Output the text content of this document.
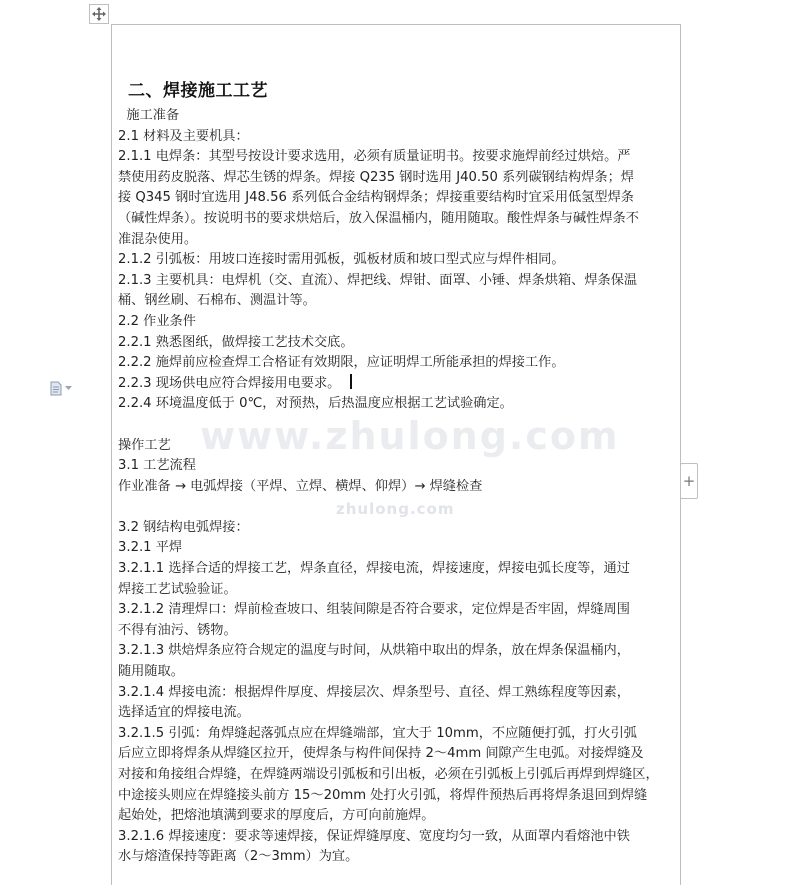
www.zhulong.com
zhulong.com
二、焊接施工工艺
施工准备
2.1 材料及主要机具：
2.1.1 电焊条：其型号按设计要求选用，必须有质量证明书。按要求施焊前经过烘焙。严
禁使用药皮脱落、焊芯生锈的焊条。焊接 Q235 钢时选用 J40.50 系列碳钢结构焊条；焊
接 Q345 钢时宜选用 J48.56 系列低合金结构钢焊条；焊接重要结构时宜采用低氢型焊条
（碱性焊条）。按说明书的要求烘焙后，放入保温桶内，随用随取。酸性焊条与碱性焊条不
准混杂使用。
2.1.2 引弧板：用坡口连接时需用弧板，弧板材质和坡口型式应与焊件相同。
2.1.3 主要机具：电焊机（交、直流）、焊把线、焊钳、面罩、小锤、焊条烘箱、焊条保温
桶、钢丝刷、石棉布、测温计等。
2.2 作业条件
2.2.1 熟悉图纸，做焊接工艺技术交底。
2.2.2 施焊前应检查焊工合格证有效期限，应证明焊工所能承担的焊接工作。
2.2.3 现场供电应符合焊接用电要求。
2.2.4 环境温度低于 0℃，对预热，后热温度应根据工艺试验确定。
操作工艺
3.1 工艺流程
作业准备 → 电弧焊接（平焊、立焊、横焊、仰焊）→ 焊缝检查
3.2 钢结构电弧焊接：
3.2.1 平焊
3.2.1.1 选择合适的焊接工艺，焊条直径，焊接电流，焊接速度，焊接电弧长度等，通过
焊接工艺试验验证。
3.2.1.2 清理焊口：焊前检查坡口、组装间隙是否符合要求，定位焊是否牢固，焊缝周围
不得有油污、锈物。
3.2.1.3 烘焙焊条应符合规定的温度与时间，从烘箱中取出的焊条，放在焊条保温桶内，
随用随取。
3.2.1.4 焊接电流：根据焊件厚度、焊接层次、焊条型号、直径、焊工熟练程度等因素，
选择适宜的焊接电流。
3.2.1.5 引弧：角焊缝起落弧点应在焊缝端部，宜大于 10mm，不应随便打弧，打火引弧
后应立即将焊条从焊缝区拉开，使焊条与构件间保持 2～4mm 间隙产生电弧。对接焊缝及
对接和角接组合焊缝，在焊缝两端设引弧板和引出板，必须在引弧板上引弧后再焊到焊缝区，
中途接头则应在焊缝接头前方 15～20mm 处打火引弧，将焊件预热后再将焊条退回到焊缝
起始处，把熔池填满到要求的厚度后，方可向前施焊。
3.2.1.6 焊接速度：要求等速焊接，保证焊缝厚度、宽度均匀一致，从面罩内看熔池中铁
水与熔渣保持等距离（2～3mm）为宜。
+
